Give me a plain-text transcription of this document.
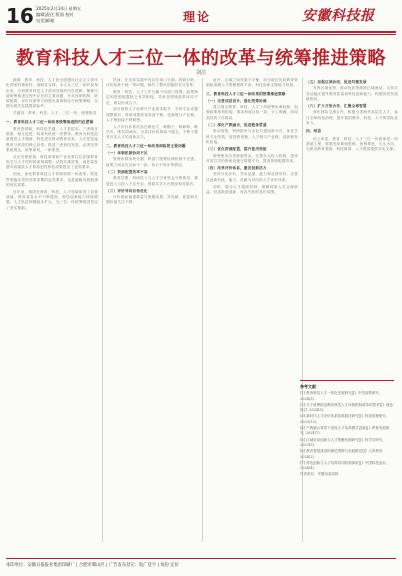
16 2025年2月14日 星期五
编辑|责任 版面 校对
电话|邮箱	理论	安徽科技报
教育科技人才三位一体的改革与统筹推进策略
刘洁

摘要：教育、科技、人才是全面建设社会主义现代化国家的基础性、战略性支撑。本文从三位一体的视角出发，分析教育科技人才协同发展的内在逻辑，梳理当前统筹推进过程中存在的主要问题，并从体制机制、资源配置、评价体系等方面提出改革路径与统筹策略，以期为相关实践提供参考。

关键词：教育；科技；人才；三位一体；统筹推进

一、教育科技人才三位一体改革统筹推进的内在逻辑

教育是基础，科技是关键，人才是根本。三者相互联系、相互促进，构成有机统一的整体。教育为科技创新提供人才储备，科技进步推动教育变革，人才是连接教育与科技的核心纽带。推进三者协同发展，必须坚持系统观念，统筹谋划，一体推进。

从历史维度看，科技革命和产业变革往往伴随教育形态与人才结构的深刻调整。从现实维度看，高质量发展对高素质人才和原创性科技成果提出了更高要求。

因此，深化教育科技人才体制机制一体改革，既是贯彻落实党的决策部署的必然要求，也是破解发展瓶颈的现实需要。

近年来，我国在教育、科技、人才领域取得了显著成就，教育普及水平不断提高，科技创新能力持续增强，人才队伍规模稳步扩大，为三位一体统筹推进奠定了坚实基础。

然而，在具体实践中仍存在部门分割、资源分散、评价标准不统一等问题，制约了整体效能的充分发挥。

教育、科技、人才工作分属不同部门管理，政策制定和资源配置缺乏有效衔接，导致各领域改革协同不足，难以形成合力。

部分高校人才培养与产业需求脱节，学科专业设置调整滞后，科研成果转化渠道不畅，创新链与产业链、人才链衔接不够紧密。

人才评价体系仍存在唯论文、唯帽子、唯职称、唯学历、唯奖项倾向，分类评价机制尚不健全，不利于激发各类人才的创新活力。

二、教育科技人才三位一体改革面临的主要问题

（一）体制机制协同不足

管理体制条块分割，跨部门统筹协调机制不完善，政策之间存在目标不一致、执行不同步等情况。

（二）资源配置效率不高

教育经费、科研投入与人才引育资金分散使用，重复投入与投入不足并存，资源共享平台建设相对滞后。

（三）评价导向有待优化

评价指标偏重数量与短期成果，对贡献、质量和长期价值关注不够。

此外，区域之间发展不平衡，部分地区优质教育资源和高端人才集聚程度不高，科技创新支撑能力较弱。

三、教育科技人才三位一体改革的统筹推进策略

（一）完善顶层设计，强化统筹协调

建立健全教育、科技、人才工作统筹协调机制，加强政策规划衔接，推动形成目标一致、分工明确、协同高效的工作格局。

（二）深化产教融合，促进链条贯通

推动高校、科研院所与企业共建创新平台，优化学科专业结构，促进教育链、人才链与产业链、创新链有机衔接。

（三）优化资源配置，提升使用效能

统筹使用各类财政资金，完善多元投入机制，建设开放共享的科研设施与数据平台，提高资源配置效率。

（四）改革评价体系，激发创新活力

坚持分类评价，突出品德、能力和业绩导向，完善以创新价值、能力、贡献为导向的人才评价体系。

同时，健全人才激励机制，保障科研人员合理收益，营造鼓励创新、宽容失败的良好氛围。

（五）加强区域协同，促进均衡发展

发挥区域优势，推动优质资源跨区域流动，支持欠发达地区提升教育质量和科技创新能力，构建协同发展新格局。

（六）扩大开放合作，汇聚全球智慧

深化国际交流合作，积极引进海外高层次人才，参与全球科技治理，提升我国教育、科技、人才的国际竞争力。

四、结语

综上所述，教育、科技、人才三位一体改革是一项系统工程，需要坚持系统思维，统筹推进，久久为功，为建设教育强国、科技强国、人才强国提供坚实支撑。

参考文献：
[1] 教育科技人才一体化发展研究[J]. 中国高教研究, 2024(3).
[2] 关于统筹推进教育科技人才体制机制改革的思考[J]. 理论探讨, 2024(5).
[3] 新时代人才评价体系改革路径研究[J]. 科技管理研究, 2023(12).
[4] 产教融合背景下高校人才培养模式创新[J]. 教育发展研究, 2024(7).
[5] 区域协同创新与人才集聚机制研究[J]. 科学学研究, 2023(9).
[6] 教育强国建设的理论逻辑与实践路径[J]. 人民教育, 2024(2).
[7] 科技创新与人才培养协同机制探析[J]. 中国科技论坛, 2024(4).
作者单位：安徽省某高校
本印单位：安徽日报报业集团印刷厂 | 合肥市蜀山区 | 广告发布登记：皖广登字 | 每份 定价
